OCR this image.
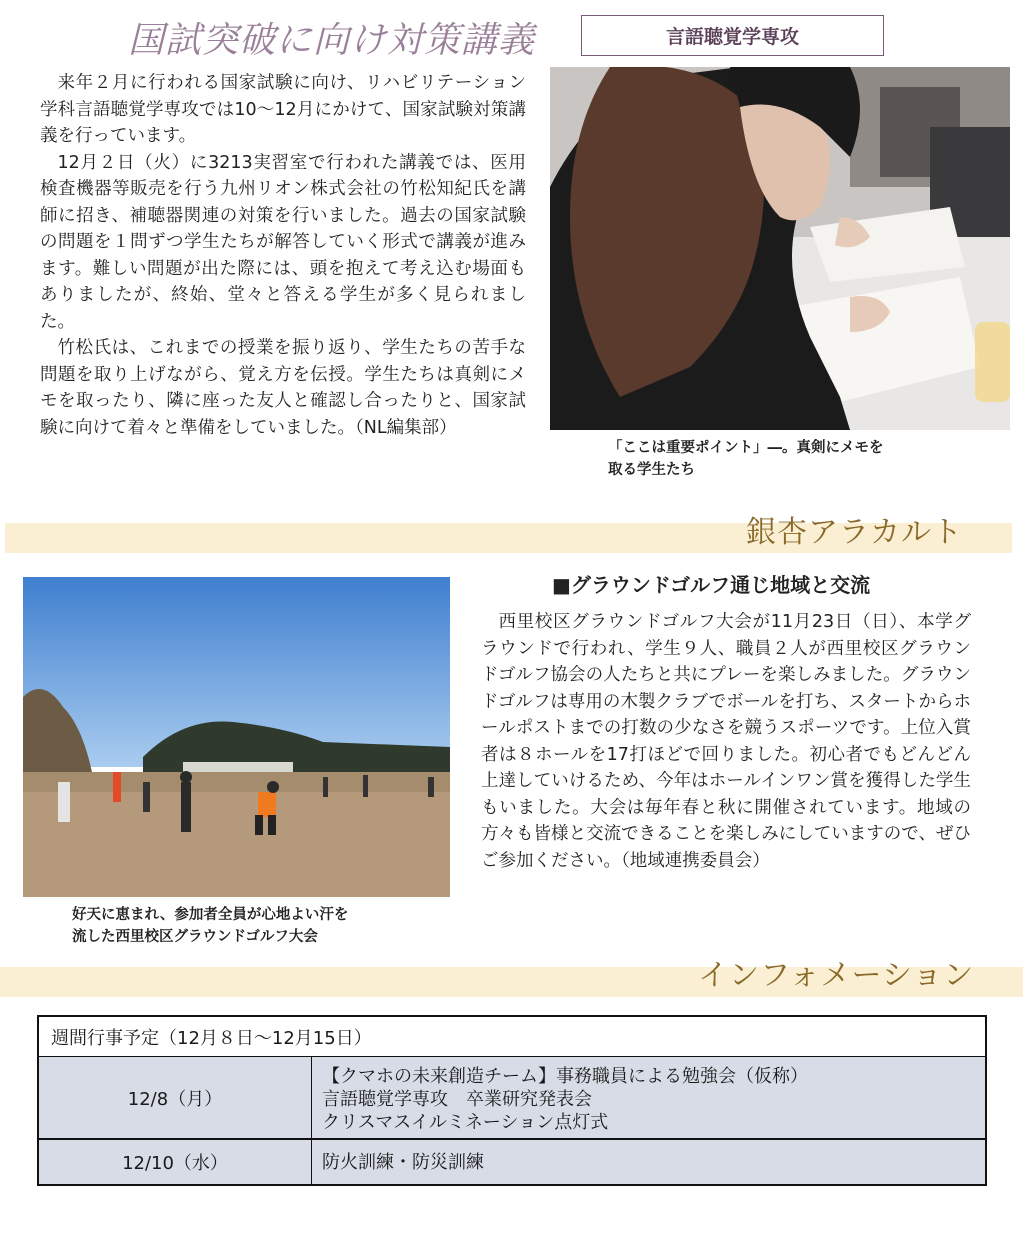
国試突破に向け対策講義	言語聴覚学専攻

来年２月に行われる国家試験に向け、リハビリテーション学科言語聴覚学専攻では10～12月にかけて、国家試験対策講義を行っています。

12月２日（火）に3213実習室で行われた講義では、医用検査機器等販売を行う九州リオン株式会社の竹松知紀氏を講師に招き、補聴器関連の対策を行いました。過去の国家試験の問題を１問ずつ学生たちが解答していく形式で講義が進みます。難しい問題が出た際には、頭を抱えて考え込む場面もありましたが、終始、堂々と答える学生が多く見られました。

竹松氏は、これまでの授業を振り返り、学生たちの苦手な問題を取り上げながら、覚え方を伝授。学生たちは真剣にメモを取ったり、隣に座った友人と確認し合ったりと、国家試験に向けて着々と準備をしていました。（NL編集部）

「ここは重要ポイント」―。真剣にメモを
取る学生たち
銀杏アラカルト
好天に恵まれ、参加者全員が心地よい汗を
流した西里校区グラウンドゴルフ大会
■グラウンドゴルフ通じ地域と交流

西里校区グラウンドゴルフ大会が11月23日（日）、本学グラウンドで行われ、学生９人、職員２人が西里校区グラウンドゴルフ協会の人たちと共にプレーを楽しみました。グラウンドゴルフは専用の木製クラブでボールを打ち、スタートからホールポストまでの打数の少なさを競うスポーツです。上位入賞者は８ホールを17打ほどで回りました。初心者でもどんどん上達していけるため、今年はホールインワン賞を獲得した学生もいました。大会は毎年春と秋に開催されています。地域の方々も皆様と交流できることを楽しみにしていますので、ぜひご参加ください。（地域連携委員会）

インフォメーション
週間行事予定（12月８日～12月15日）
12/8（月）
【クマホの未来創造チーム】事務職員による勉強会（仮称）
言語聴覚学専攻　卒業研究発表会
クリスマスイルミネーション点灯式
12/10（水）	防火訓練・防災訓練
